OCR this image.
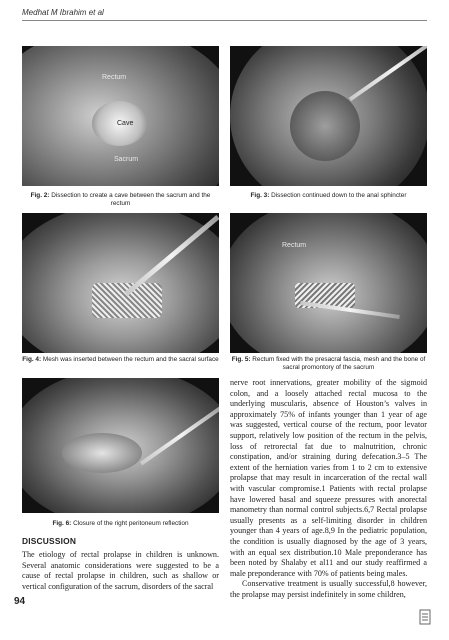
Medhat M Ibrahim et al
Rectum
Cave
Sacrum
Fig. 2: Dissection to create a cave between the sacrum and the rectum
Fig. 3: Dissection continued down to the anal sphincter
Fig. 4: Mesh was inserted between the rectum and the sacral surface
Rectum
Fig. 5: Rectum fixed with the presacral fascia, mesh and the bone of sacral promontory of the sacrum
Fig. 6: Closure of the right peritoneum reflection
DISCUSSION
The etiology of rectal prolapse in children is unknown. Several anatomic considerations were suggested to be a cause of rectal prolapse in children, such as shallow or vertical configuration of the sacrum, disorders of the sacral

nerve root innervations, greater mobility of the sigmoid colon, and a loosely attached rectal mucosa to the underlying muscularis, absence of Houston’s valves in approximately 75% of infants younger than 1 year of age was suggested, vertical course of the rectum, poor levator support, relatively low position of the rectum in the pelvis, loss of retrorectal fat due to malnutrition, chronic constipation, and/or straining during defecation.3–5 The extent of the herniation varies from 1 to 2 cm to extensive prolapse that may result in incarceration of the rectal wall with vascular compromise.1 Patients with rectal prolapse have lowered basal and squeeze pressures with anorectal manometry than normal control subjects.6,7 Rectal prolapse usually presents as a self-limiting disorder in children younger than 4 years of age.8,9 In the pediatric population, the condition is usually diagnosed by the age of 3 years, with an equal sex distribution.10 Male preponderance has been noted by Shalaby et al11 and our study reaffirmed a male preponderance with 70% of patients being males.

Conservative treatment is usually successful,8 however, the prolapse may persist indefinitely in some children,

94
